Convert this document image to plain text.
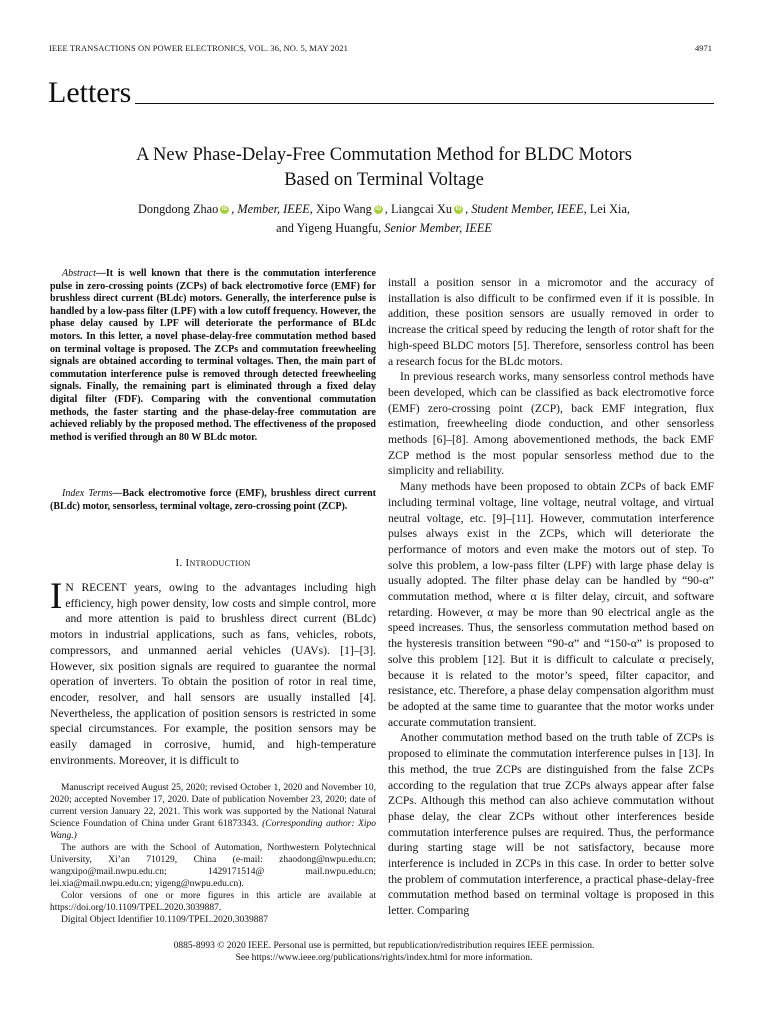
IEEE TRANSACTIONS ON POWER ELECTRONICS, VOL. 36, NO. 5, MAY 2021	4971
Letters
A New Phase-Delay-Free Commutation Method for BLDC Motors
Based on Terminal Voltage
Dongdong Zhao iD , Member, IEEE, Xipo Wang iD , Liangcai Xu iD , Student Member, IEEE, Lei Xia,
and Yigeng Huangfu, Senior Member, IEEE
Abstract—It is well known that there is the commutation interference pulse in zero-crossing points (ZCPs) of back electromotive force (EMF) for brushless direct current (BLdc) motors. Generally, the interference pulse is handled by a low-pass filter (LPF) with a low cutoff frequency. However, the phase delay caused by LPF will deteriorate the performance of BLdc motors. In this letter, a novel phase-delay-free commutation method based on terminal voltage is proposed. The ZCPs and commutation freewheeling signals are obtained according to terminal voltages. Then, the main part of commutation interference pulse is removed through detected freewheeling signals. Finally, the remaining part is eliminated through a fixed delay digital filter (FDF). Comparing with the conventional commutation methods, the faster starting and the phase-delay-free commutation are achieved reliably by the proposed method. The effectiveness of the proposed method is verified through an 80 W BLdc motor.
Index Terms—Back electromotive force (EMF), brushless direct current (BLdc) motor, sensorless, terminal voltage, zero-crossing point (ZCP).
I. Introduction

I N RECENT years, owing to the advantages including high efficiency, high power density, low costs and simple control, more and more attention is paid to brushless direct current (BLdc) motors in industrial applications, such as fans, vehicles, robots, compressors, and unmanned aerial vehicles (UAVs). [1]–[3]. However, six position signals are required to guarantee the normal operation of inverters. To obtain the position of rotor in real time, encoder, resolver, and hall sensors are usually installed [4]. Nevertheless, the application of position sensors is restricted in some special circumstances. For example, the position sensors may be easily damaged in corrosive, humid, and high-temperature environments. Moreover, it is difficult to

Manuscript received August 25, 2020; revised October 1, 2020 and November 10, 2020; accepted November 17, 2020. Date of publication November 23, 2020; date of current version January 22, 2021. This work was supported by the National Natural Science Foundation of China under Grant 61873343. (Corresponding author: Xipo Wang.)

The authors are with the School of Automation, Northwestern Polytechnical University, Xi’an 710129, China (e-mail: zhaodong@nwpu.edu.cn; wangxipo@mail.nwpu.edu.cn; 1429171514@ mail.nwpu.edu.cn; lei.xia@mail.nwpu.edu.cn; yigeng@nwpu.edu.cn).

Color versions of one or more figures in this article are available at https://doi.org/10.1109/TPEL.2020.3039887.

Digital Object Identifier 10.1109/TPEL.2020.3039887

install a position sensor in a micromotor and the accuracy of installation is also difficult to be confirmed even if it is possible. In addition, these position sensors are usually removed in order to increase the critical speed by reducing the length of rotor shaft for the high-speed BLDC motors [5]. Therefore, sensorless control has been a research focus for the BLdc motors.

In previous research works, many sensorless control methods have been developed, which can be classified as back electromotive force (EMF) zero-crossing point (ZCP), back EMF integration, flux estimation, freewheeling diode conduction, and other sensorless methods [6]–[8]. Among abovementioned methods, the back EMF ZCP method is the most popular sensorless method due to the simplicity and reliability.

Many methods have been proposed to obtain ZCPs of back EMF including terminal voltage, line voltage, neutral voltage, and virtual neutral voltage, etc. [9]–[11]. However, commutation interference pulses always exist in the ZCPs, which will deteriorate the performance of motors and even make the motors out of step. To solve this problem, a low-pass filter (LPF) with large phase delay is usually adopted. The filter phase delay can be handled by “90-α” commutation method, where α is filter delay, circuit, and software retarding. However, α may be more than 90 electrical angle as the speed increases. Thus, the sensorless commutation method based on the hysteresis transition between “90-α” and “150-α” is proposed to solve this problem [12]. But it is difficult to calculate α precisely, because it is related to the motor’s speed, filter capacitor, and resistance, etc. Therefore, a phase delay compensation algorithm must be adopted at the same time to guarantee that the motor works under accurate commutation transient.

Another commutation method based on the truth table of ZCPs is proposed to eliminate the commutation interference pulses in [13]. In this method, the true ZCPs are distinguished from the false ZCPs according to the regulation that true ZCPs always appear after false ZCPs. Although this method can also achieve commutation without phase delay, the clear ZCPs without other interferences beside commutation interference pulses are required. Thus, the performance during starting stage will be not satisfactory, because more interference is included in ZCPs in this case. In order to better solve the problem of commutation interference, a practical phase-delay-free commutation method based on terminal voltage is proposed in this letter. Comparing

0885-8993 © 2020 IEEE. Personal use is permitted, but republication/redistribution requires IEEE permission.
See https://www.ieee.org/publications/rights/index.html for more information.
